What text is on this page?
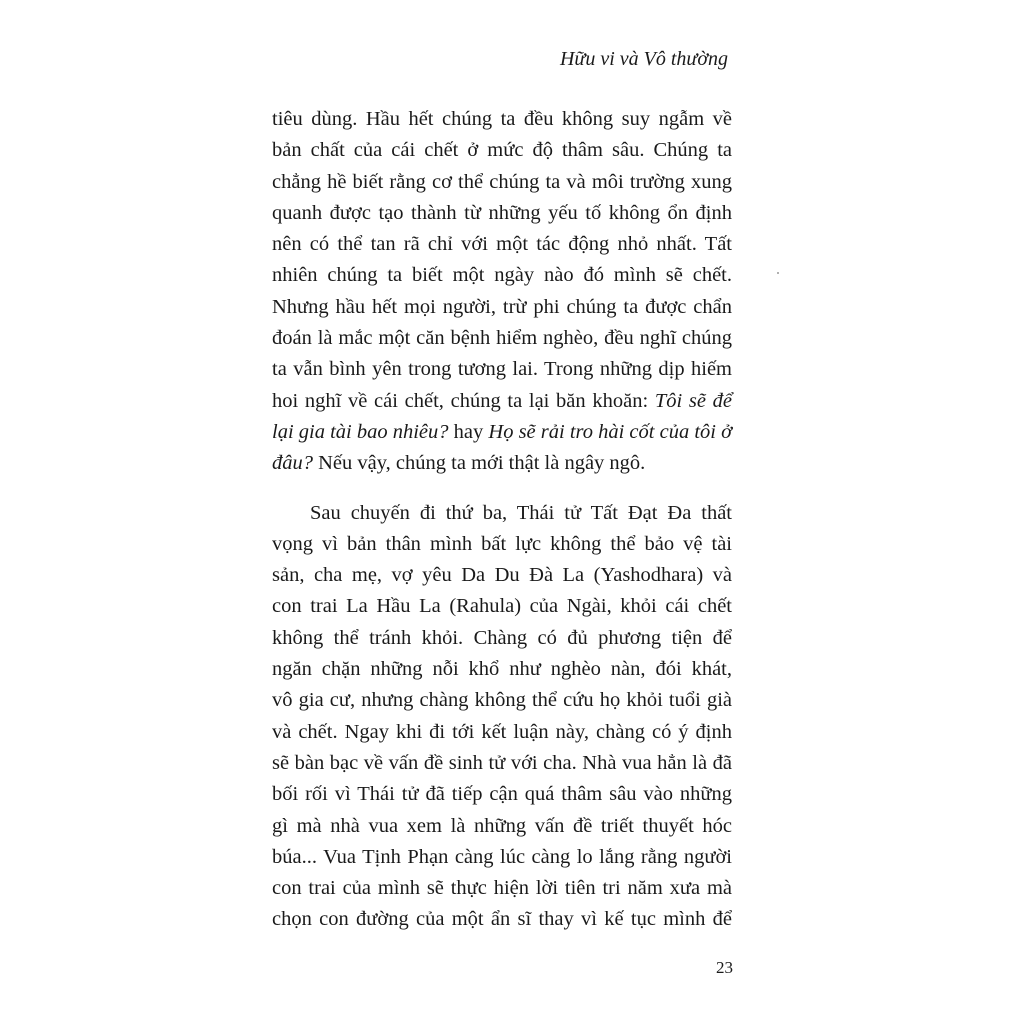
Hữu vi và Vô thường
tiêu dùng. Hầu hết chúng ta đều không suy ngẫm về
bản chất của cái chết ở mức độ thâm sâu. Chúng ta
chẳng hề biết rằng cơ thể chúng ta và môi trường xung
quanh được tạo thành từ những yếu tố không ổn định
nên có thể tan rã chỉ với một tác động nhỏ nhất. Tất
nhiên chúng ta biết một ngày nào đó mình sẽ chết.
Nhưng hầu hết mọi người, trừ phi chúng ta được chẩn
đoán là mắc một căn bệnh hiểm nghèo, đều nghĩ chúng
ta vẫn bình yên trong tương lai. Trong những dịp hiếm
hoi nghĩ về cái chết, chúng ta lại băn khoăn: Tôi sẽ để
lại gia tài bao nhiêu? hay Họ sẽ rải tro hài cốt của tôi ở
đâu? Nếu vậy, chúng ta mới thật là ngây ngô.
Sau chuyến đi thứ ba, Thái tử Tất Đạt Đa thất
vọng vì bản thân mình bất lực không thể bảo vệ tài
sản, cha mẹ, vợ yêu Da Du Đà La (Yashodhara) và
con trai La Hầu La (Rahula) của Ngài, khỏi cái chết
không thể tránh khỏi. Chàng có đủ phương tiện để
ngăn chặn những nỗi khổ như nghèo nàn, đói khát,
vô gia cư, nhưng chàng không thể cứu họ khỏi tuổi già
và chết. Ngay khi đi tới kết luận này, chàng có ý định
sẽ bàn bạc về vấn đề sinh tử với cha. Nhà vua hẳn là đã
bối rối vì Thái tử đã tiếp cận quá thâm sâu vào những
gì mà nhà vua xem là những vấn đề triết thuyết hóc
búa... Vua Tịnh Phạn càng lúc càng lo lắng rằng người
con trai của mình sẽ thực hiện lời tiên tri năm xưa mà
chọn con đường của một ẩn sĩ thay vì kế tục mình để
23
